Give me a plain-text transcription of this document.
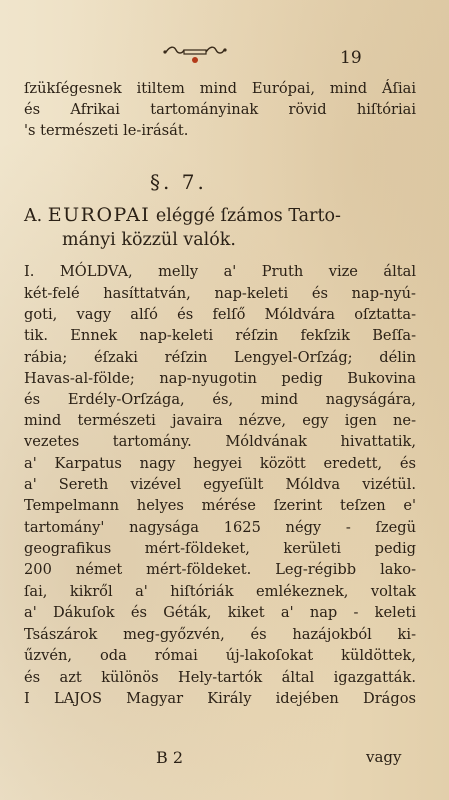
19
ſzükſégesnek itiltem mind Európai, mind Áſiai
és Afrikai tartományinak rövid hiſtóriai
's természeti le-irását.
§. 7.
A. EUROPAI eléggé ſzámos Tarto-
mányi közzül valók.
I. MÓLDVA, melly a' Pruth vize által
két-felé hasíttatván, nap-keleti és nap-nyú-
goti, vagy alſó és felſő Móldvára oſztatta-
tik. Ennek nap-keleti réſzin fekſzik Beſſa-
rábia; éſzaki réſzin Lengyel-Orſzág; délin
Havas-al-földe; nap-nyugotin pedig Bukovina
és Erdély-Orſzága, és, mind nagyságára,
mind természeti javaira nézve, egy igen ne-
vezetes tartomány. Móldvának hivattatik,
a' Karpatus nagy hegyei között eredett, és
a' Sereth vizével egyeſült Móldva vizétül.
Tempelmann helyes mérése ſzerint teſzen e'
tartomány' nagysága 1625 négy - ſzegü
geografikus mért-földeket, kerületi pedig
200 német mért-földeket. Leg-régibb lako-
ſai, kikről a' hiſtóriák emlékeznek, voltak
a' Dákuſok és Géták, kiket a' nap - keleti
Tsászárok meg-győzvén, és hazájokból ki-
űzvén, oda római új-lakoſokat küldöttek,
és azt különös Hely-tartók által igazgatták.
I LAJOS Magyar Király idejében Drágos
B 2	vagy
